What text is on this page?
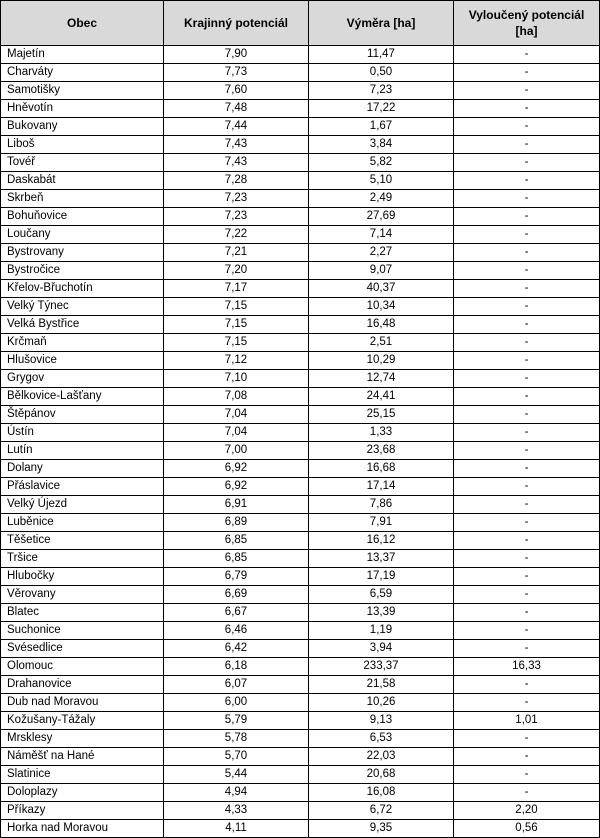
Obec	Krajinný potenciál	Výměra [ha]	Vyloučený potenciál [ha]
Majetín	7,90	11,47	-
Charváty	7,73	0,50	-
Samotišky	7,60	7,23	-
Hněvotín	7,48	17,22	-
Bukovany	7,44	1,67	-
Liboš	7,43	3,84	-
Tovéř	7,43	5,82	-
Daskabát	7,28	5,10	-
Skrbeň	7,23	2,49	-
Bohuňovice	7,23	27,69	-
Loučany	7,22	7,14	-
Bystrovany	7,21	2,27	-
Bystročice	7,20	9,07	-
Křelov-Břuchotín	7,17	40,37	-
Velký Týnec	7,15	10,34	-
Velká Bystřice	7,15	16,48	-
Krčmaň	7,15	2,51	-
Hlušovice	7,12	10,29	-
Grygov	7,10	12,74	-
Bělkovice-Lašťany	7,08	24,41	-
Štěpánov	7,04	25,15	-
Ústín	7,04	1,33	-
Lutín	7,00	23,68	-
Dolany	6,92	16,68	-
Přáslavice	6,92	17,14	-
Velký Újezd	6,91	7,86	-
Luběnice	6,89	7,91	-
Těšetice	6,85	16,12	-
Tršice	6,85	13,37	-
Hlubočky	6,79	17,19	-
Věrovany	6,69	6,59	-
Blatec	6,67	13,39	-
Suchonice	6,46	1,19	-
Svésedlice	6,42	3,94	-
Olomouc	6,18	233,37	16,33
Drahanovice	6,07	21,58	-
Dub nad Moravou	6,00	10,26	-
Kožušany-Tážaly	5,79	9,13	1,01
Mrsklesy	5,78	6,53	-
Náměšť na Hané	5,70	22,03	-
Slatinice	5,44	20,68	-
Doloplazy	4,94	16,08	-
Příkazy	4,33	6,72	2,20
Horka nad Moravou	4,11	9,35	0,56
